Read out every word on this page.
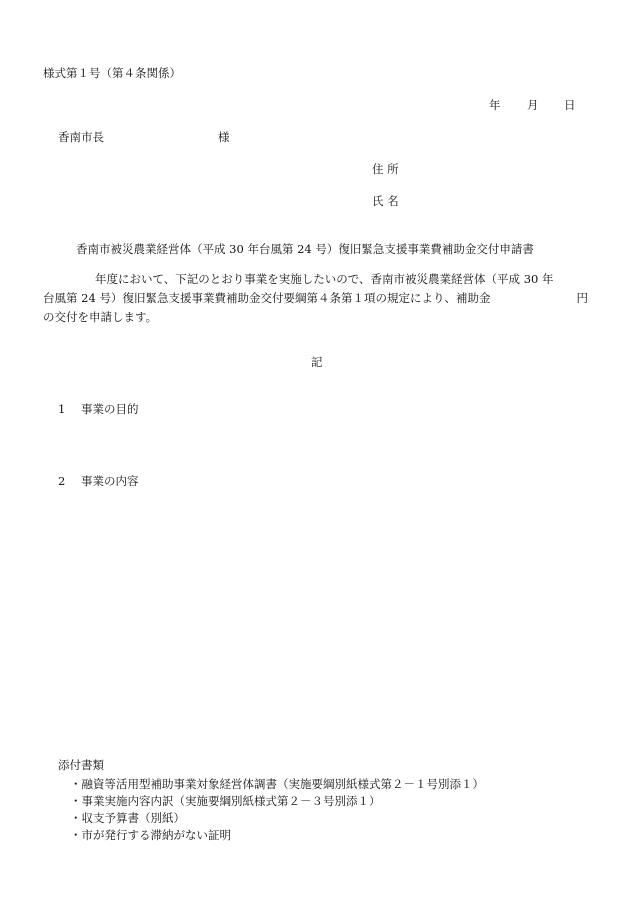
様式第１号（第４条関係）
年 月 日
香南市長	様
住 所
氏 名
香南市被災農業経営体（平成 30 年台風第 24 号）復旧緊急支援事業費補助金交付申請書
年度において、下記のとおり事業を実施したいので、香南市被災農業経営体（平成 30 年
台風第 24 号）復旧緊急支援事業費補助金交付要綱第４条第１項の規定により、補助金	円
の交付を申請します。
記
1 事業の目的
2 事業の内容
添付書類
・融資等活用型補助事業対象経営体調書（実施要綱別紙様式第２－１号別添１）
・事業実施内容内訳（実施要綱別紙様式第２－３号別添１）
・収支予算書（別紙）
・市が発行する滞納がない証明
